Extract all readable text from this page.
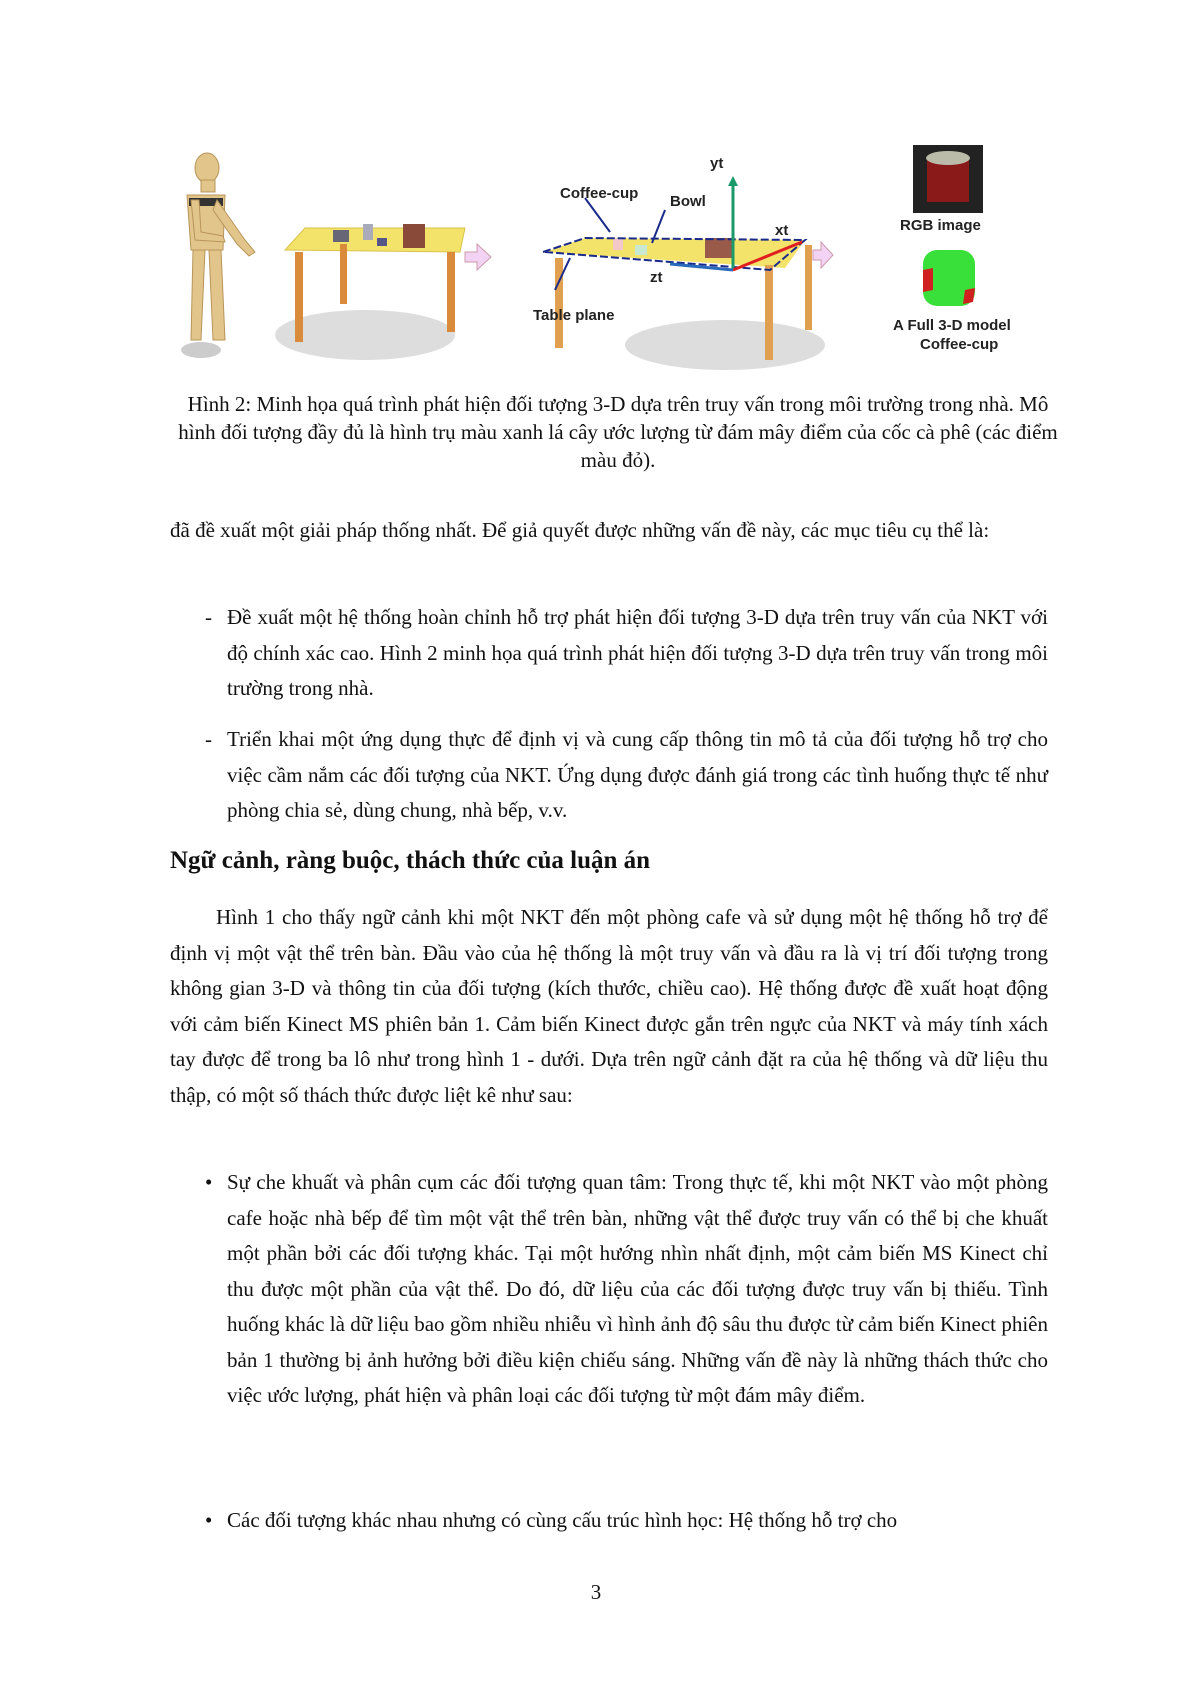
Coffee-cup Bowl
yt
xt
zt
Table plane
RGB image
A Full 3-D model
Coffee-cup
Hình 2: Minh họa quá trình phát hiện đối tượng 3-D dựa trên truy vấn trong môi trường trong nhà. Mô hình đối tượng đầy đủ là hình trụ màu xanh lá cây ước lượng từ đám mây điểm của cốc cà phê (các điểm màu đỏ).
đã đề xuất một giải pháp thống nhất. Để giả quyết được những vấn đề này, các mục tiêu cụ thể là:
- Đề xuất một hệ thống hoàn chỉnh hỗ trợ phát hiện đối tượng 3-D dựa trên truy vấn của NKT với độ chính xác cao. Hình 2 minh họa quá trình phát hiện đối tượng 3-D dựa trên truy vấn trong môi trường trong nhà.
- Triển khai một ứng dụng thực để định vị và cung cấp thông tin mô tả của đối tượng hỗ trợ cho việc cầm nắm các đối tượng của NKT. Ứng dụng được đánh giá trong các tình huống thực tế như phòng chia sẻ, dùng chung, nhà bếp, v.v.
Ngữ cảnh, ràng buộc, thách thức của luận án
Hình 1 cho thấy ngữ cảnh khi một NKT đến một phòng cafe và sử dụng một hệ thống hỗ trợ để định vị một vật thể trên bàn. Đầu vào của hệ thống là một truy vấn và đầu ra là vị trí đối tượng trong không gian 3-D và thông tin của đối tượng (kích thước, chiều cao). Hệ thống được đề xuất hoạt động với cảm biến Kinect MS phiên bản 1. Cảm biến Kinect được gắn trên ngực của NKT và máy tính xách tay được để trong ba lô như trong hình 1 - dưới. Dựa trên ngữ cảnh đặt ra của hệ thống và dữ liệu thu thập, có một số thách thức được liệt kê như sau:
• Sự che khuất và phân cụm các đối tượng quan tâm: Trong thực tế, khi một NKT vào một phòng cafe hoặc nhà bếp để tìm một vật thể trên bàn, những vật thể được truy vấn có thể bị che khuất một phần bởi các đối tượng khác. Tại một hướng nhìn nhất định, một cảm biến MS Kinect chỉ thu được một phần của vật thể. Do đó, dữ liệu của các đối tượng được truy vấn bị thiếu. Tình huống khác là dữ liệu bao gồm nhiều nhiễu vì hình ảnh độ sâu thu được từ cảm biến Kinect phiên bản 1 thường bị ảnh hưởng bởi điều kiện chiếu sáng. Những vấn đề này là những thách thức cho việc ước lượng, phát hiện và phân loại các đối tượng từ một đám mây điểm.
• Các đối tượng khác nhau nhưng có cùng cấu trúc hình học: Hệ thống hỗ trợ cho
3
